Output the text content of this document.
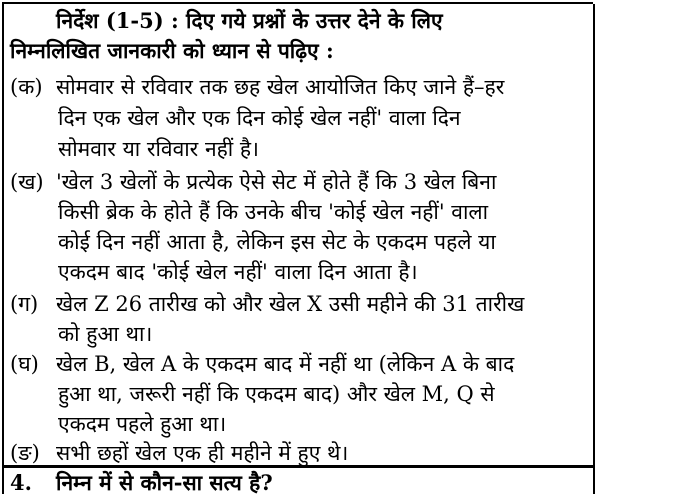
निर्देश (1-5) : दिए गये प्रश्नों के उत्तर देने के लिए
निम्नलिखित जानकारी को ध्यान से पढ़िए :
(क) सोमवार से रविवार तक छह खेल आयोजित किए जाने हैं–हर
दिन एक खेल और एक दिन कोई खेल नहीं' वाला दिन
सोमवार या रविवार नहीं है।
(ख) 'खेल 3 खेलों के प्रत्येक ऐसे सेट में होते हैं कि 3 खेल बिना
किसी ब्रेक के होते हैं कि उनके बीच 'कोई खेल नहीं' वाला
कोई दिन नहीं आता है, लेकिन इस सेट के एकदम पहले या
एकदम बाद 'कोई खेल नहीं' वाला दिन आता है।
(ग) खेल Z 26 तारीख को और खेल X उसी महीने की 31 तारीख
को हुआ था।
(घ) खेल B, खेल A के एकदम बाद में नहीं था (लेकिन A के बाद
हुआ था, जरूरी नहीं कि एकदम बाद) और खेल M, Q से
एकदम पहले हुआ था।
(ङ) सभी छहों खेल एक ही महीने में हुए थे।
4. निम्न में से कौन-सा सत्य है?
